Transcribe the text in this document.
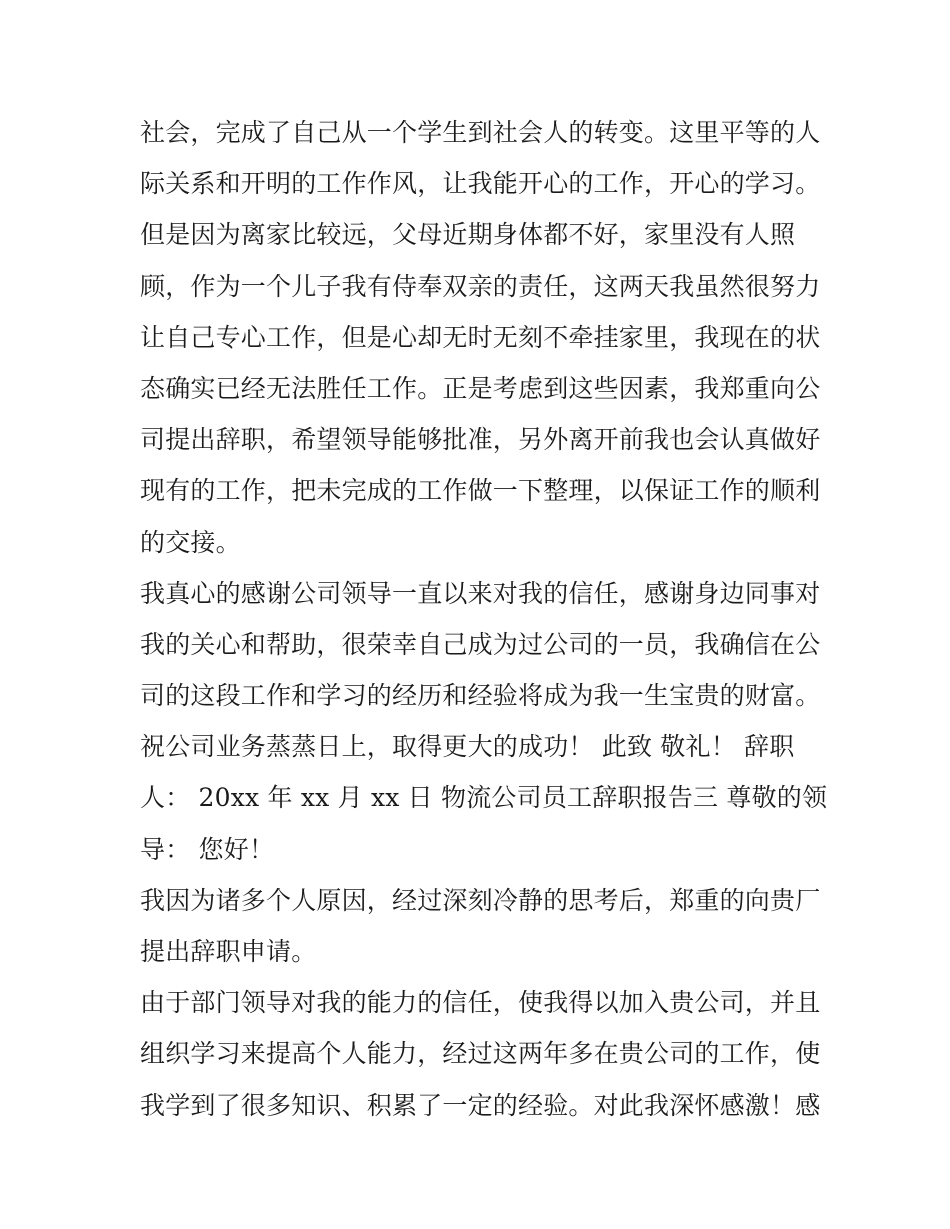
社会，完成了自己从一个学生到社会人的转变。这里平等的人
际关系和开明的工作作风，让我能开心的工作，开心的学习。
但是因为离家比较远，父母近期身体都不好，家里没有人照
顾，作为一个儿子我有侍奉双亲的责任，这两天我虽然很努力
让自己专心工作，但是心却无时无刻不牵挂家里，我现在的状
态确实已经无法胜任工作。正是考虑到这些因素，我郑重向公
司提出辞职，希望领导能够批准，另外离开前我也会认真做好
现有的工作，把未完成的工作做一下整理，以保证工作的顺利
的交接。
我真心的感谢公司领导一直以来对我的信任，感谢身边同事对
我的关心和帮助，很荣幸自己成为过公司的一员，我确信在公
司的这段工作和学习的经历和经验将成为我一生宝贵的财富。
祝公司业务蒸蒸日上，取得更大的成功！ 此致 敬礼！ 辞职
人： 20xx 年 xx 月 xx 日 物流公司员工辞职报告三 尊敬的领
导： 您好！
我因为诸多个人原因，经过深刻冷静的思考后，郑重的向贵厂
提出辞职申请。
由于部门领导对我的能力的信任，使我得以加入贵公司，并且
组织学习来提高个人能力，经过这两年多在贵公司的工作，使
我学到了很多知识、积累了一定的经验。对此我深怀感激！感
